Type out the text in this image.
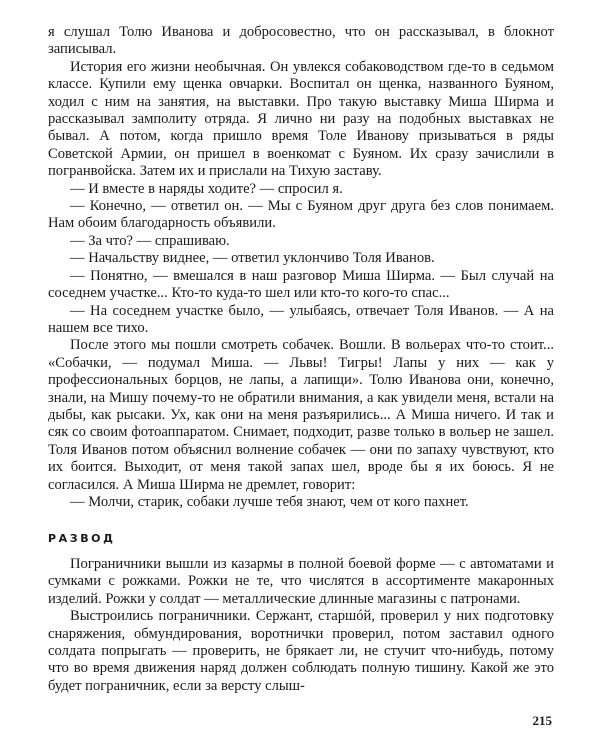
я слушал Толю Иванова и добросовестно, что он рассказывал, в блокнот записывал.

История его жизни необычная. Он увлекся собаководством где-то в седьмом классе. Купили ему щенка овчарки. Воспитал он щенка, названного Буяном, ходил с ним на занятия, на выставки. Про такую выставку Миша Ширма и рассказывал замполиту отряда. Я лично ни разу на подобных выставках не бывал. А потом, когда пришло время Толе Иванову призываться в ряды Советской Армии, он пришел в военкомат с Буяном. Их сразу зачислили в погранвойска. Затем их и прислали на Тихую заставу.

— И вместе в наряды ходите? — спросил я.

— Конечно, — ответил он. — Мы с Буяном друг друга без слов понимаем. Нам обоим благодарность объявили.

— За что? — спрашиваю.

— Начальству виднее, — ответил уклончиво Толя Иванов.

— Понятно, — вмешался в наш разговор Миша Ширма. — Был случай на соседнем участке... Кто-то куда-то шел или кто-то кого-то спас...

— На соседнем участке было, — улыбаясь, отвечает Толя Иванов. — А на нашем все тихо.

После этого мы пошли смотреть собачек. Вошли. В вольерах что-то стоит... «Собачки, — подумал Миша. — Львы! Тигры! Лапы у них — как у профессиональных борцов, не лапы, а лапищи». Толю Иванова они, конечно, знали, на Мишу почему-то не обратили внимания, а как увидели меня, встали на дыбы, как рысаки. Ух, как они на меня разъярились... А Миша ничего. И так и сяк со своим фотоаппаратом. Снимает, подходит, разве только в вольер не зашел. Толя Иванов потом объяснил волнение собачек — они по запаху чувствуют, кто их боится. Выходит, от меня такой запах шел, вроде бы я их боюсь. Я не согласился. А Миша Ширма не дремлет, говорит:

— Молчи, старик, собаки лучше тебя знают, чем от кого пахнет.

РАЗВОД

Пограничники вышли из казармы в полной боевой форме — с автоматами и сумками с рожками. Рожки не те, что числятся в ассортименте макаронных изделий. Рожки у солдат — металлические длинные магазины с патронами.

Выстроились пограничники. Сержант, старшóй, проверил у них подготовку снаряжения, обмундирования, воротнички проверил, потом заставил одного солдата попрыгать — проверить, не брякает ли, не стучит что-нибудь, потому что во время движения наряд должен соблюдать полную тишину. Какой же это будет пограничник, если за версту слыш-

215
